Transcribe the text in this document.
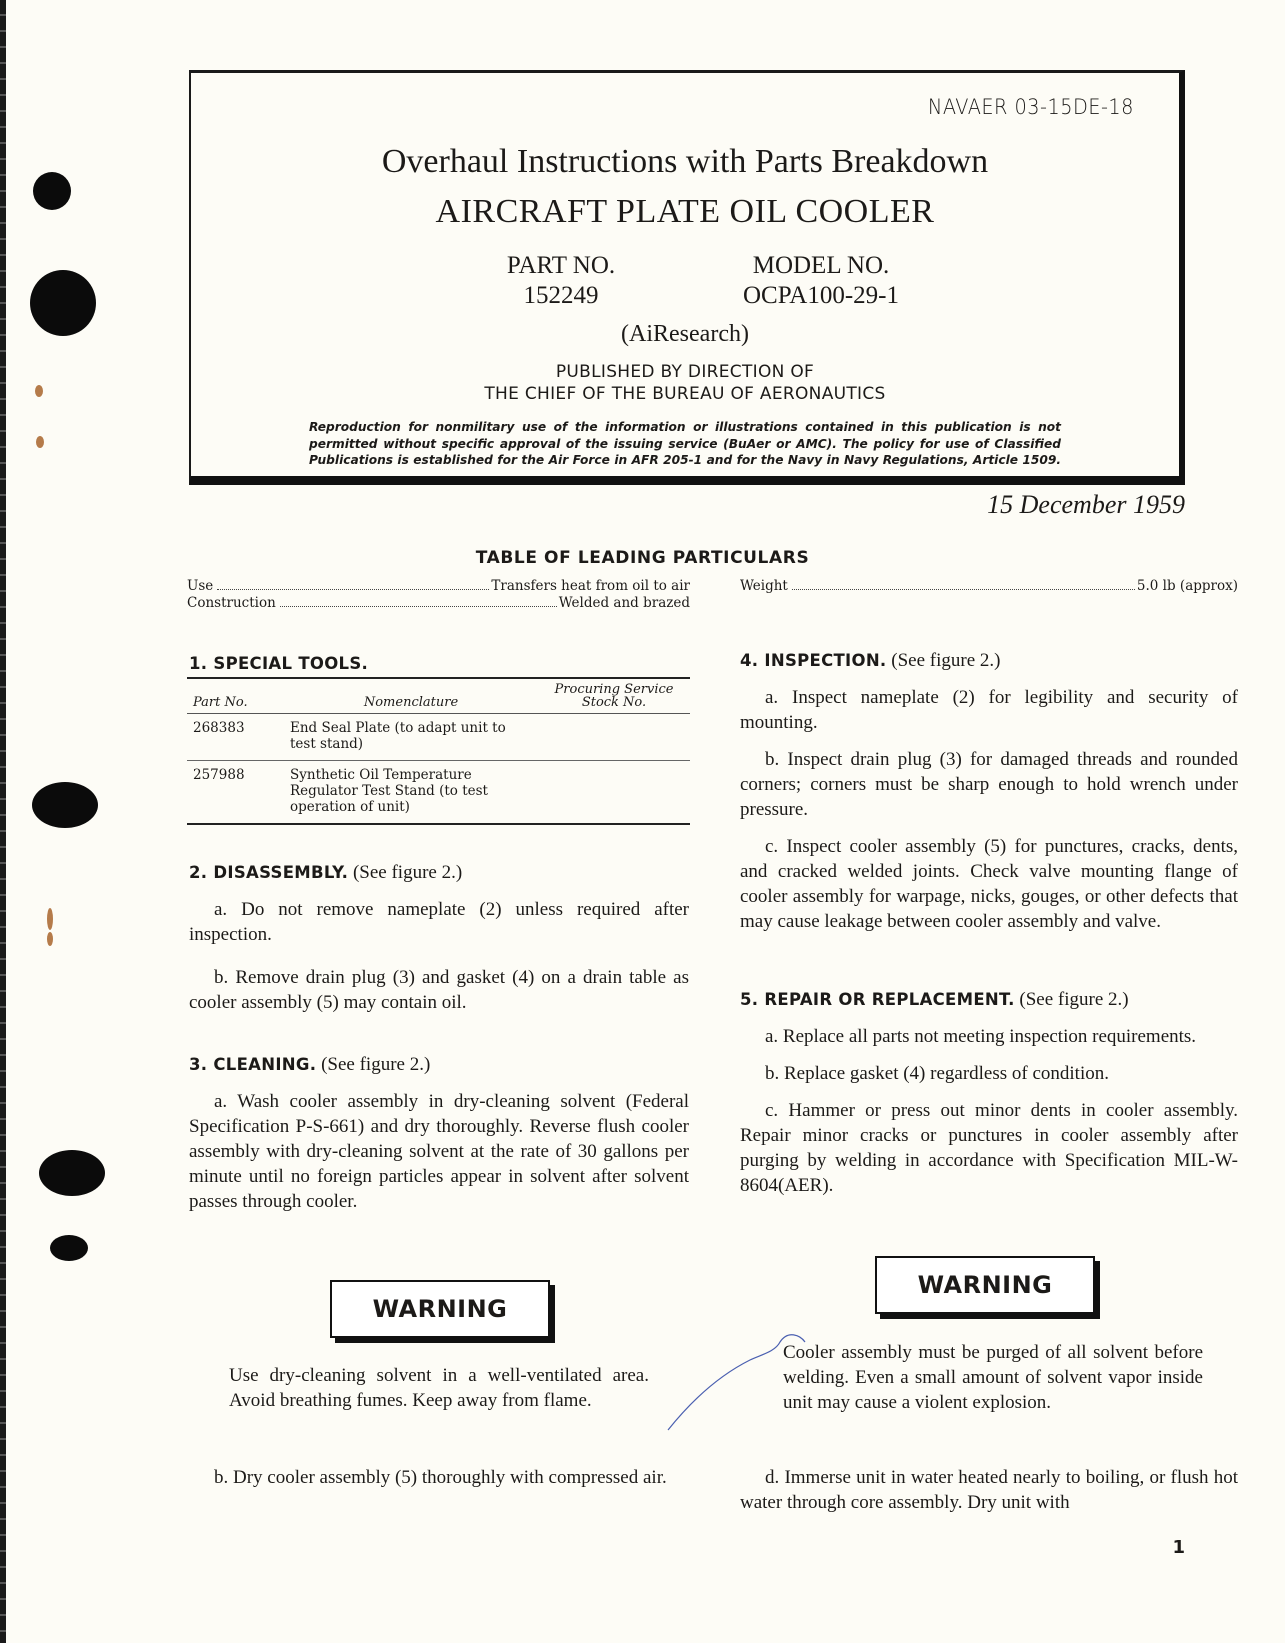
NAVAER 03-15DE-18
Overhaul Instructions with Parts Breakdown
AIRCRAFT PLATE OIL COOLER
PART NO.
152249
MODEL NO.
OCPA100-29-1
(AiResearch)
PUBLISHED BY DIRECTION OF
THE CHIEF OF THE BUREAU OF AERONAUTICS
Reproduction for nonmilitary use of the information or illustrations contained in this publication is not permitted without specific approval of the issuing service (BuAer or AMC). The policy for use of Classified Publications is established for the Air Force in AFR 205-1 and for the Navy in Navy Regulations, Article 1509.
15 December 1959
TABLE OF LEADING PARTICULARS
Use	Transfers heat from oil to air
Construction	Welded and brazed
Weight	5.0 lb (approx)

1. SPECIAL TOOLS.

Part No.	Nomenclature	Procuring Service Stock No.
268383	End Seal Plate (to adapt unit to test stand)	
257988	Synthetic Oil Temperature Regulator Test Stand (to test operation of unit)	

2. DISASSEMBLY. (See figure 2.)

a. Do not remove nameplate (2) unless required after inspection.

b. Remove drain plug (3) and gasket (4) on a drain table as cooler assembly (5) may contain oil.

3. CLEANING. (See figure 2.)

a. Wash cooler assembly in dry-cleaning solvent (Federal Specification P-S-661) and dry thoroughly. Reverse flush cooler assembly with dry-cleaning solvent at the rate of 30 gallons per minute until no foreign particles appear in solvent after solvent passes through cooler.

WARNING
Use dry-cleaning solvent in a well-ventilated area. Avoid breathing fumes. Keep away from flame.

b. Dry cooler assembly (5) thoroughly with compressed air.

4. INSPECTION. (See figure 2.)

a. Inspect nameplate (2) for legibility and security of mounting.

b. Inspect drain plug (3) for damaged threads and rounded corners; corners must be sharp enough to hold wrench under pressure.

c. Inspect cooler assembly (5) for punctures, cracks, dents, and cracked welded joints. Check valve mounting flange of cooler assembly for warpage, nicks, gouges, or other defects that may cause leakage between cooler assembly and valve.

5. REPAIR OR REPLACEMENT. (See figure 2.)

a. Replace all parts not meeting inspection requirements.

b. Replace gasket (4) regardless of condition.

c. Hammer or press out minor dents in cooler assembly. Repair minor cracks or punctures in cooler assembly after purging by welding in accordance with Specification MIL-W-8604(AER).

WARNING
Cooler assembly must be purged of all solvent before welding. Even a small amount of solvent vapor inside unit may cause a violent explosion.

d. Immerse unit in water heated nearly to boiling, or flush hot water through core assembly. Dry unit with

1
